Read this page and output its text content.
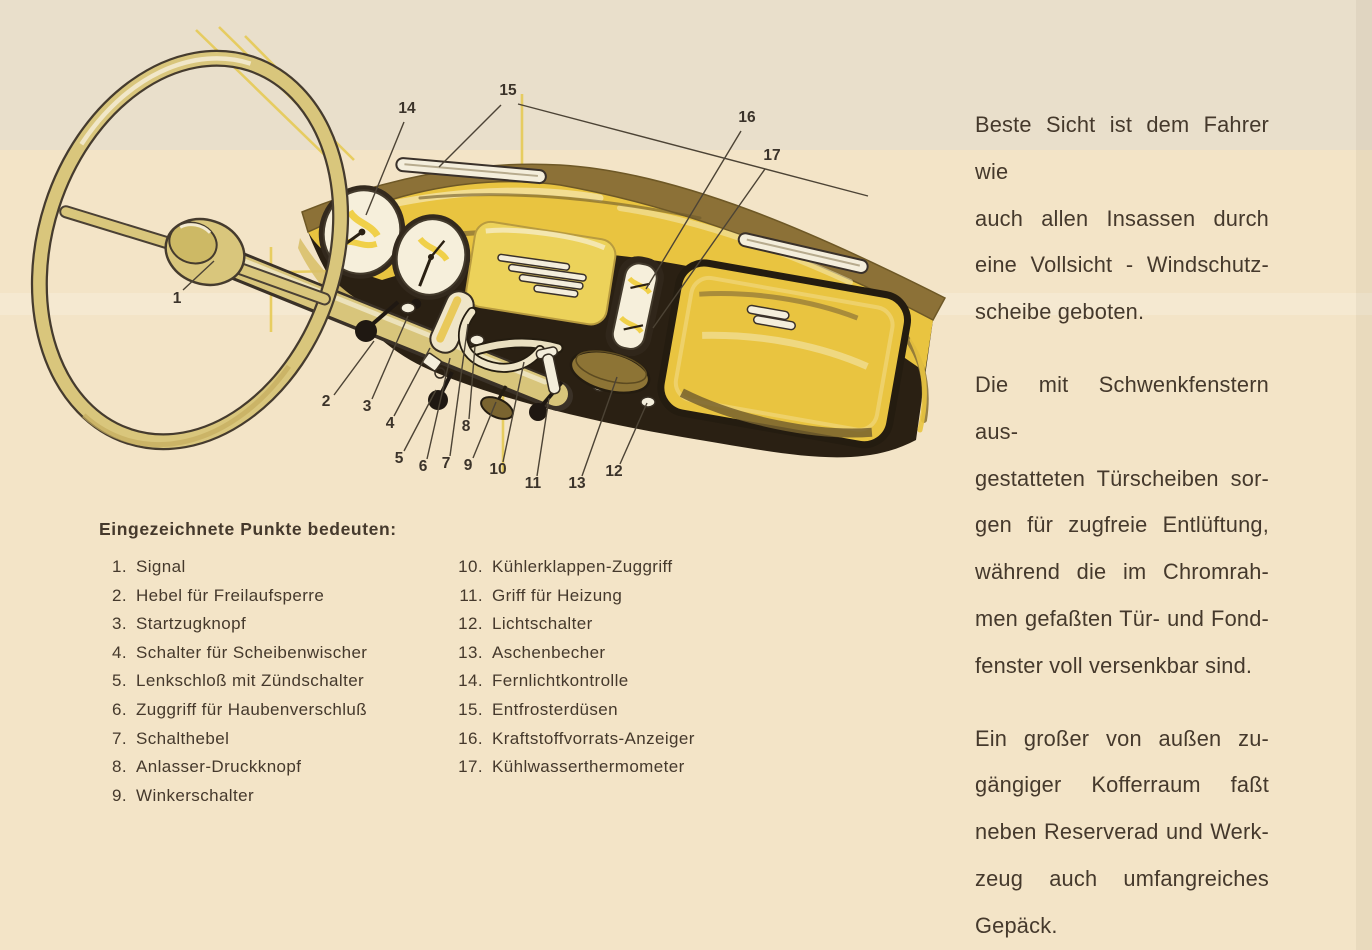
1
2 3
4
5 6 7
8
9 10
11
12
13
14
15
16
17
Eingezeichnete Punkte bedeuten:
1. Signal
2. Hebel für Freilaufsperre
3. Startzugknopf
4. Schalter für Scheibenwischer
5. Lenkschloß mit Zündschalter
6. Zuggriff für Haubenverschluß
7. Schalthebel
8. Anlasser-Druckknopf
9. Winkerschalter
10. Kühlerklappen-Zuggriff
11. Griff für Heizung
12. Lichtschalter
13. Aschenbecher
14. Fernlichtkontrolle
15. Entfrosterdüsen
16. Kraftstoffvorrats-Anzeiger
17. Kühlwasserthermometer
Beste Sicht ist dem Fahrer wie
auch allen Insassen durch
eine Vollsicht - Windschutz-
scheibe geboten.
Die mit Schwenkfenstern aus-
gestatteten Türscheiben sor-
gen für zugfreie Entlüftung,
während die im Chromrah-
men gefaßten Tür- und Fond-
fenster voll versenkbar sind.
Ein großer von außen zu-
gängiger Kofferraum faßt
neben Reserverad und Werk-
zeug auch umfangreiches
Gepäck.
